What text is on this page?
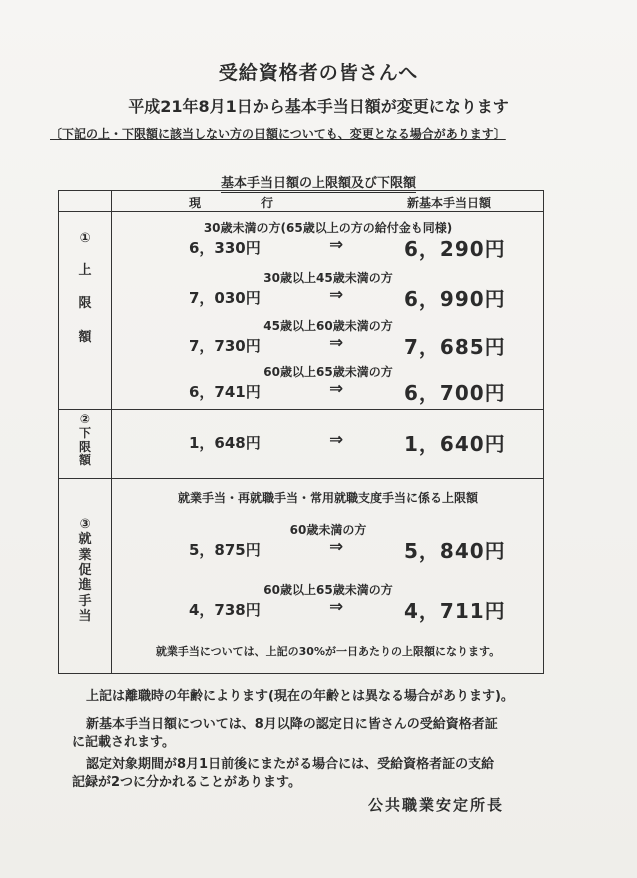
受給資格者の皆さんへ
平成21年8月1日から基本手当日額が変更になります
〔下記の上・下限額に該当しない方の日額についても、変更となる場合があります〕
基本手当日額の上限額及び下限額
現　　　　　行	新基本手当日額
①
上
限
額
30歳未満の方(65歳以上の方の給付金も同様)
6，330円	⇒	6，290円
30歳以上45歳未満の方
7，030円	⇒	6，990円
45歳以上60歳未満の方
7，730円	⇒	7，685円
60歳以上65歳未満の方
6，741円	⇒	6，700円
②
下
限
額
1，648円	⇒	1，640円
③
就
業
促
進
手
当
就業手当・再就職手当・常用就職支度手当に係る上限額
60歳未満の方
5，875円	⇒	5，840円
60歳以上65歳未満の方
4，738円	⇒	4，711円
就業手当については、上記の30%が一日あたりの上限額になります。
上記は離職時の年齢によります(現在の年齢とは異なる場合があります)。
新基本手当日額については、8月以降の認定日に皆さんの受給資格者証
に記載されます。
認定対象期間が8月1日前後にまたがる場合には、受給資格者証の支給
記録が2つに分かれることがあります。
公共職業安定所長
